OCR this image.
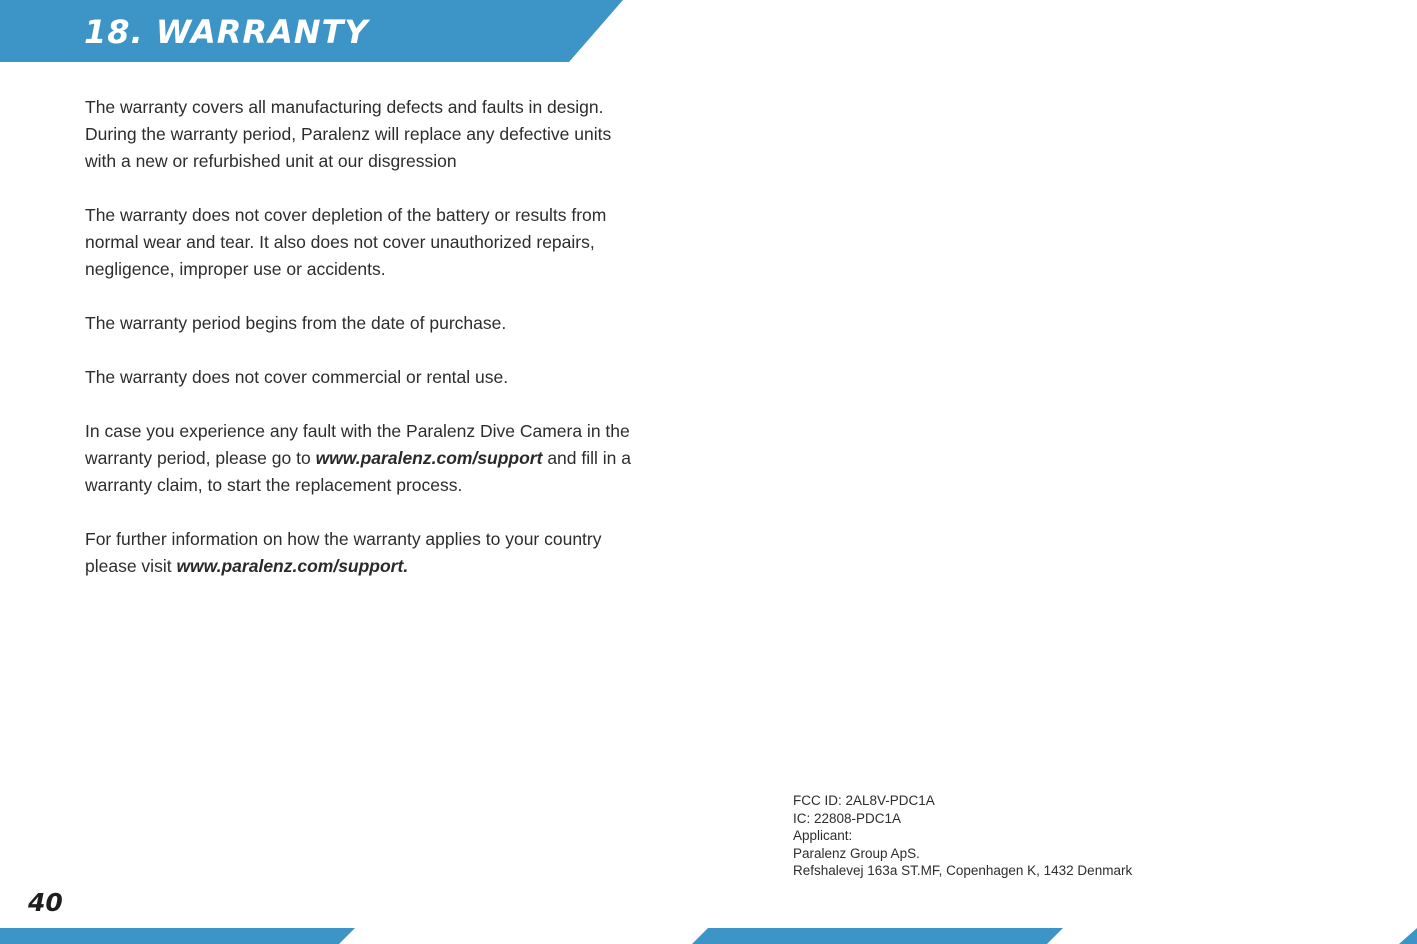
18. WARRANTY

The warranty covers all manufacturing defects and faults in design. During the warranty period, Paralenz will replace any defective units with a new or refurbished unit at our disgression

The warranty does not cover depletion of the battery or results from normal wear and tear. It also does not cover unauthorized repairs, negligence, improper use or accidents.

The warranty period begins from the date of purchase.

The warranty does not cover commercial or rental use.

In case you experience any fault with the Paralenz Dive Camera in the warranty period, please go to www.paralenz.com/support and fill in a warranty claim, to start the replacement process.

For further information on how the warranty applies to your country please visit www.paralenz.com/support.

FCC ID: 2AL8V-PDC1A
IC: 22808-PDC1A
Applicant:
Paralenz Group ApS.
Refshalevej 163a ST.MF, Copenhagen K, 1432 Denmark
40
